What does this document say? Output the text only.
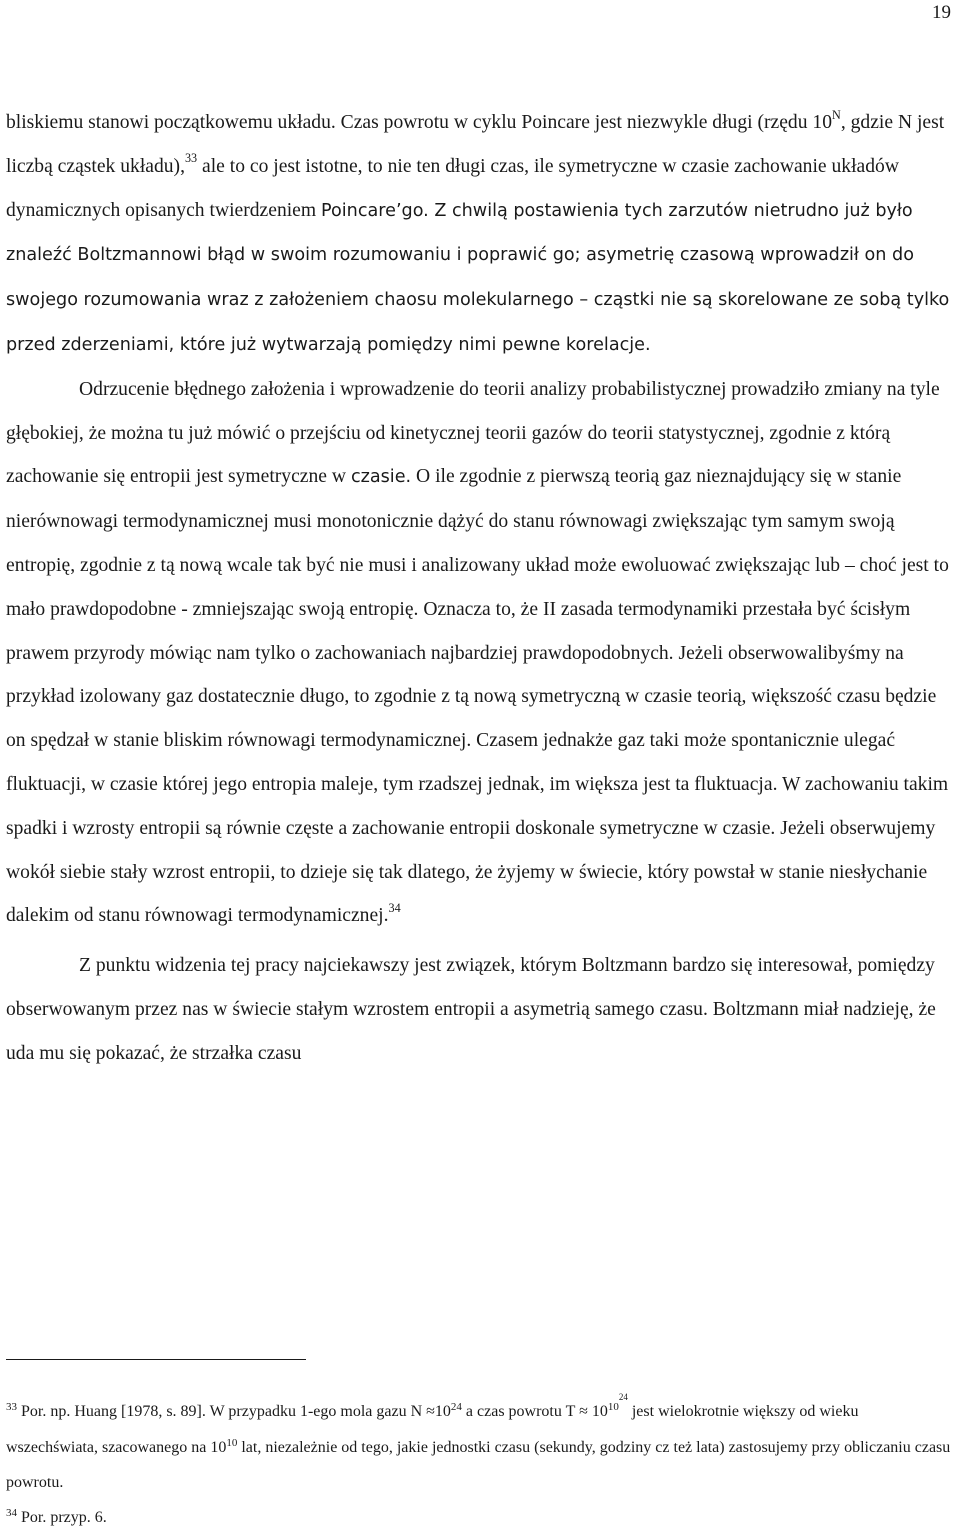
19

bliskiemu stanowi początkowemu układu. Czas powrotu w cyklu Poincare jest niezwykle długi (rzędu $10^N$, gdzie N jest liczbą cząstek układu),$^{33}$ ale to co jest istotne, to nie ten długi czas, ile symetryczne w czasie zachowanie układów dynamicznych opisanych twierdzeniem Poincare’go. Z chwilą postawienia tych zarzutów nietrudno już było znaleźć Boltzmannowi błąd w swoim rozumowaniu i poprawić go; asymetrię czasową wprowadził on do swojego rozumowania wraz z założeniem chaosu molekularnego – cząstki nie są skorelowane ze sobą tylko przed zderzeniami, które już wytwarzają pomiędzy nimi pewne korelacje.

Odrzucenie błędnego założenia i wprowadzenie do teorii analizy probabilistycznej prowadziło zmiany na tyle głębokiej, że można tu już mówić o przejściu od kinetycznej teorii gazów do teorii statystycznej, zgodnie z którą zachowanie się entropii jest symetryczne w czasie. O ile zgodnie z pierwszą teorią gaz nieznajdujący się w stanie nierównowagi termodynamicznej musi monotonicznie dążyć do stanu równowagi zwiększając tym samym swoją entropię, zgodnie z tą nową wcale tak być nie musi i analizowany układ może ewoluować zwiększając lub – choć jest to mało prawdopodobne - zmniejszając swoją entropię. Oznacza to, że II zasada termodynamiki przestała być ścisłym prawem przyrody mówiąc nam tylko o zachowaniach najbardziej prawdopodobnych. Jeżeli obserwowalibyśmy na przykład izolowany gaz dostatecznie długo, to zgodnie z tą nową symetryczną w czasie teorią, większość czasu będzie on spędzał w stanie bliskim równowagi termodynamicznej. Czasem jednakże gaz taki może spontanicznie ulegać fluktuacji, w czasie której jego entropia maleje, tym rzadszej jednak, im większa jest ta fluktuacja. W zachowaniu takim spadki i wzrosty entropii są równie częste a zachowanie entropii doskonale symetryczne w czasie. Jeżeli obserwujemy wokół siebie stały wzrost entropii, to dzieje się tak dlatego, że żyjemy w świecie, który powstał w stanie niesłychanie dalekim od stanu równowagi termodynamicznej.$^{34}$

Z punktu widzenia tej pracy najciekawszy jest związek, którym Boltzmann bardzo się interesował, pomiędzy obserwowanym przez nas w świecie stałym wzrostem entropii a asymetrią samego czasu. Boltzmann miał nadzieję, że uda mu się pokazać, że strzałka czasu

$^{33}$ Por. np. Huang [1978, s. 89]. W przypadku 1-ego mola gazu N ≈10$^{24}$ a czas powrotu $T \approx 10^{10^{24}}$ jest wielokrotnie większy od wieku wszechświata, szacowanego na 10$^{10}$ lat, niezależnie od tego, jakie jednostki czasu (sekundy, godziny cz też lata) zastosujemy przy obliczaniu czasu powrotu.

$^{34}$ Por. przyp. 6.
